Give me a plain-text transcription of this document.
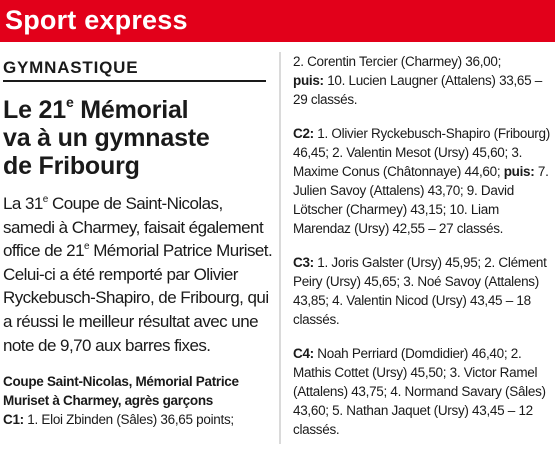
Sport express
GYMNASTIQUE
Le 21e Mémorial
va à un gymnaste
de Fribourg

La 31e Coupe de Saint-Nicolas, samedi à Charmey, faisait également office de 21e Mémorial Patrice Muriset. Celui-ci a été remporté par Olivier Ryckebusch-Shapiro, de Fribourg, qui a réussi le meilleur résultat avec une note de 9,70 aux barres fixes.

Coupe Saint-Nicolas, Mémorial Patrice Muriset à Charmey, agrès garçons

C1: 1. Eloi Zbinden (Sâles) 36,65 points;

2. Corentin Tercier (Charmey) 36,00;
puis: 10. Lucien Laugner (Attalens) 33,65 – 29 classés.

C2: 1. Olivier Ryckebusch-Shapiro (Fribourg) 46,45; 2. Valentin Mesot (Ursy) 45,60; 3. Maxime Conus (Châtonnaye) 44,60; puis: 7. Julien Savoy (Attalens) 43,70; 9. David Lötscher (Charmey) 43,15; 10. Liam Marendaz (Ursy) 42,55 – 27 classés.

C3: 1. Joris Galster (Ursy) 45,95; 2. Clément Peiry (Ursy) 45,65; 3. Noé Savoy (Attalens) 43,85; 4. Valentin Nicod (Ursy) 43,45 – 18 classés.

C4: Noah Perriard (Domdidier) 46,40; 2. Mathis Cottet (Ursy) 45,50; 3. Victor Ramel (Attalens) 43,75; 4. Normand Savary (Sâles) 43,60; 5. Nathan Jaquet (Ursy) 43,45 – 12 classés.
